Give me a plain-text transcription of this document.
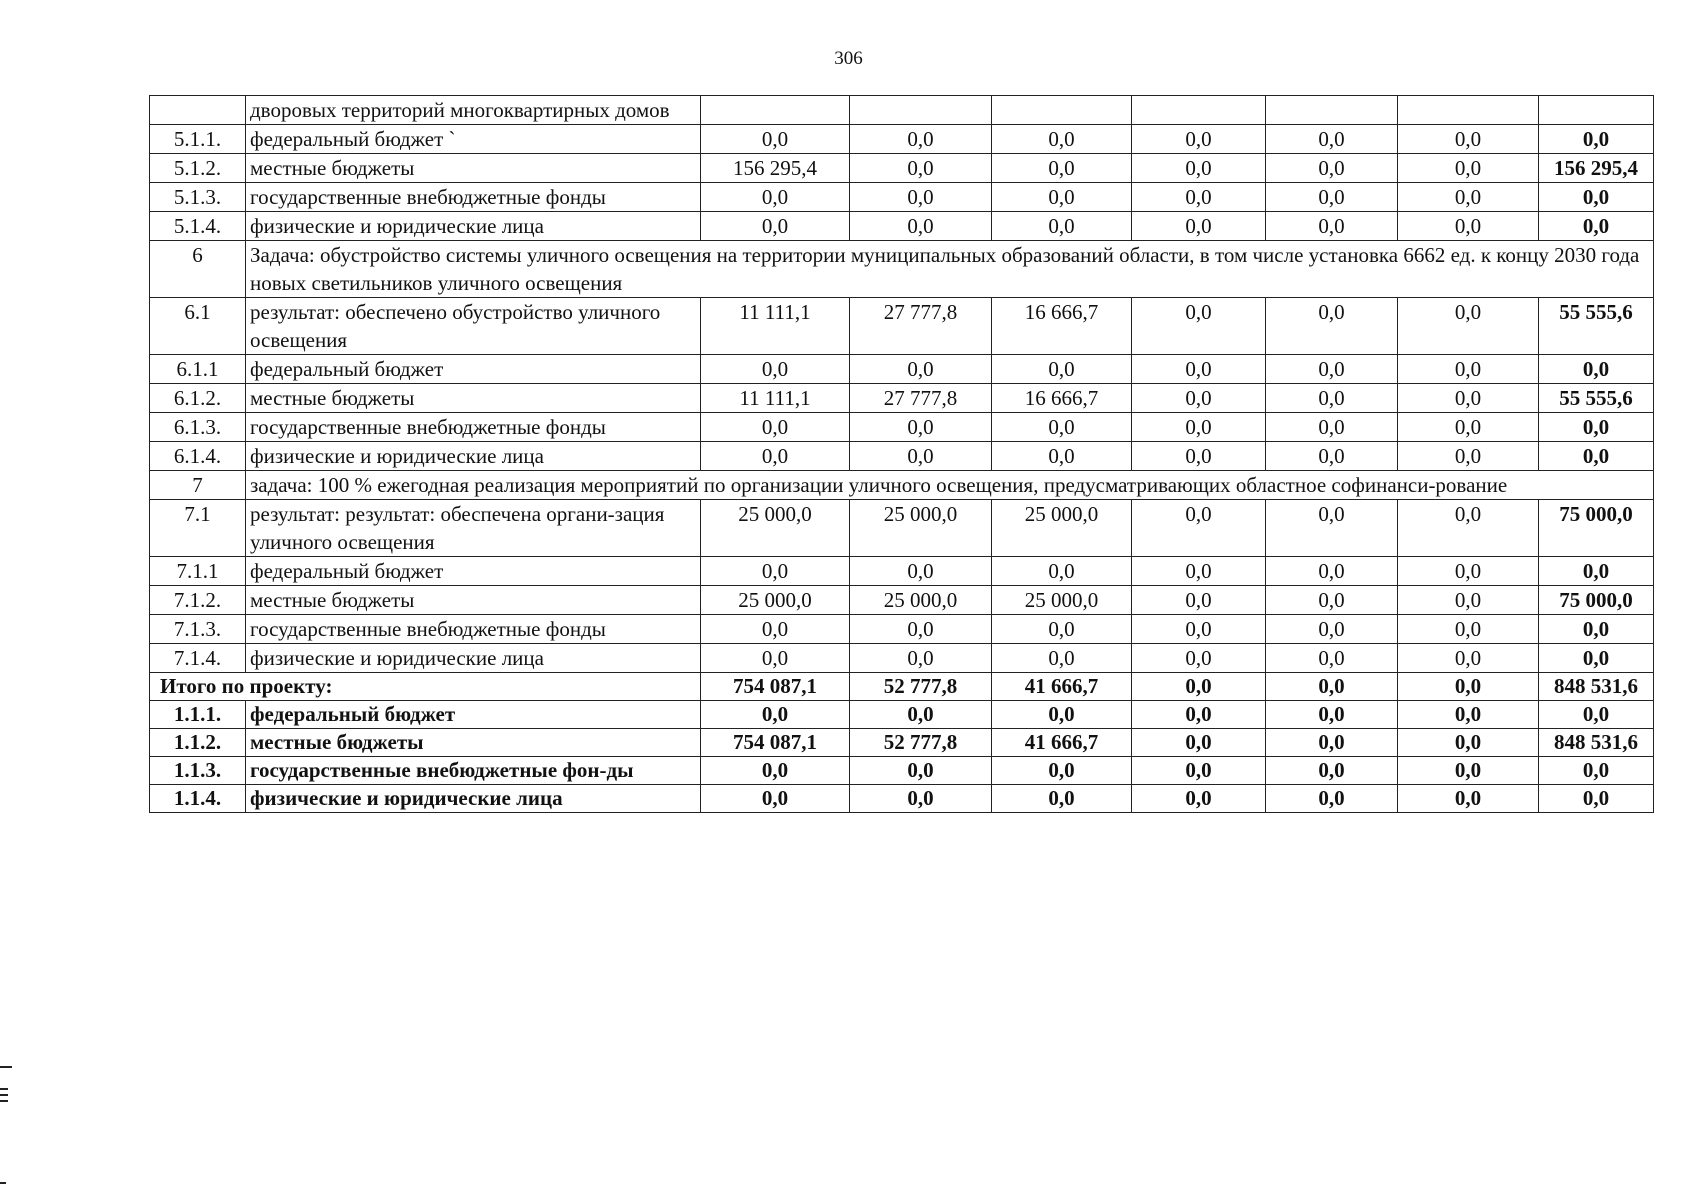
306
	дворовых территорий многоквартирных домов							
5.1.1.	федеральный бюджет `	0,0	0,0	0,0	0,0	0,0	0,0	0,0
5.1.2.	местные бюджеты	156 295,4	0,0	0,0	0,0	0,0	0,0	156 295,4
5.1.3.	государственные внебюджетные фонды	0,0	0,0	0,0	0,0	0,0	0,0	0,0
5.1.4.	физические и юридические лица	0,0	0,0	0,0	0,0	0,0	0,0	0,0
6	Задача: обустройство системы уличного освещения на территории муниципальных образований области, в том числе установка 6662 ед. к концу 2030 года новых светильников уличного освещения							
6.1	результат: обеспечено обустройство уличного освещения	11 111,1	27 777,8	16 666,7	0,0	0,0	0,0	55 555,6
6.1.1	федеральный бюджет	0,0	0,0	0,0	0,0	0,0	0,0	0,0
6.1.2.	местные бюджеты	11 111,1	27 777,8	16 666,7	0,0	0,0	0,0	55 555,6
6.1.3.	государственные внебюджетные фонды	0,0	0,0	0,0	0,0	0,0	0,0	0,0
6.1.4.	физические и юридические лица	0,0	0,0	0,0	0,0	0,0	0,0	0,0
7	задача: 100 % ежегодная реализация мероприятий по организации уличного освещения, предусматривающих областное софинанси-рование							
7.1	результат: результат: обеспечена органи-зация уличного освещения	25 000,0	25 000,0	25 000,0	0,0	0,0	0,0	75 000,0
7.1.1	федеральный бюджет	0,0	0,0	0,0	0,0	0,0	0,0	0,0
7.1.2.	местные бюджеты	25 000,0	25 000,0	25 000,0	0,0	0,0	0,0	75 000,0
7.1.3.	государственные внебюджетные фонды	0,0	0,0	0,0	0,0	0,0	0,0	0,0
7.1.4.	физические и юридические лица	0,0	0,0	0,0	0,0	0,0	0,0	0,0
Итого по проекту:		754 087,1	52 777,8	41 666,7	0,0	0,0	0,0	848 531,6
1.1.1.	федеральный бюджет	0,0	0,0	0,0	0,0	0,0	0,0	0,0
1.1.2.	местные бюджеты	754 087,1	52 777,8	41 666,7	0,0	0,0	0,0	848 531,6
1.1.3.	государственные внебюджетные фон-ды	0,0	0,0	0,0	0,0	0,0	0,0	0,0
1.1.4.	физические и юридические лица	0,0	0,0	0,0	0,0	0,0	0,0	0,0
